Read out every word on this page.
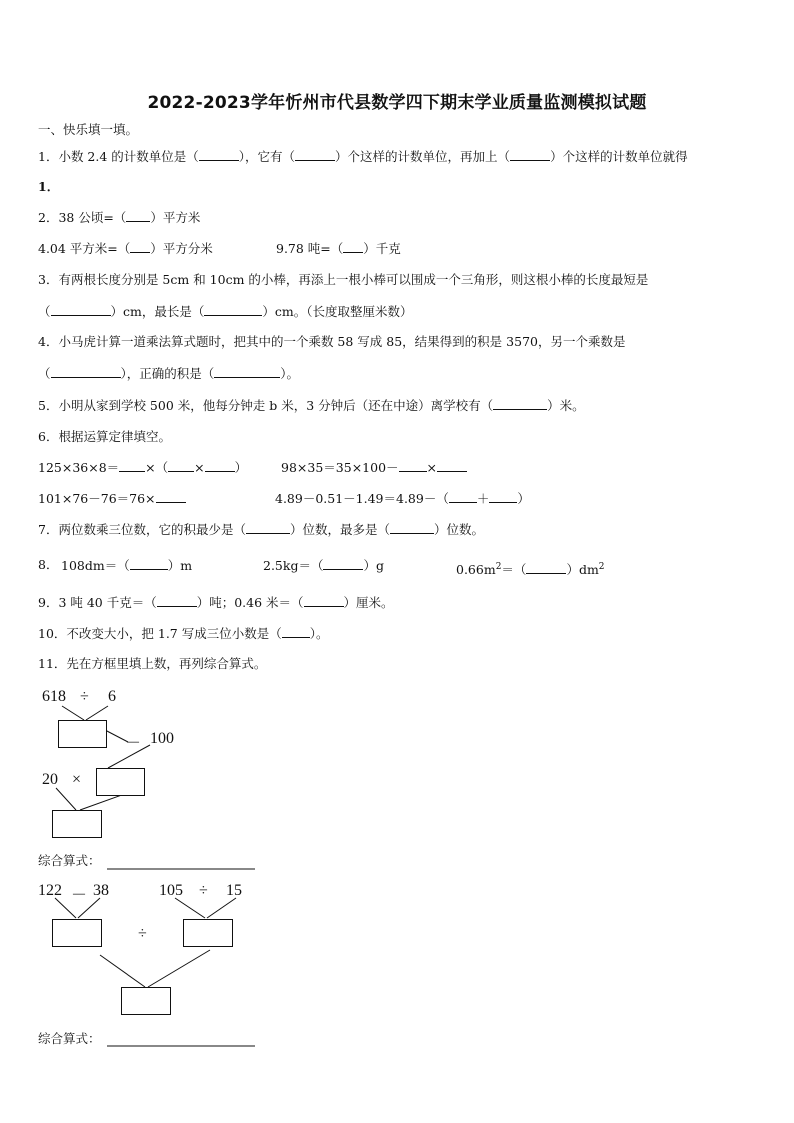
2022-2023学年忻州市代县数学四下期末学业质量监测模拟试题
一、快乐填一填。
1．小数 2.4 的计数单位是（	），它有（	）个这样的计数单位，再加上（	）个这样的计数单位就得
1．
2．38 公顷=（ ）平方米
4.04 平方米=（ ）平方分米	9.78 吨=（ ）千克
3．有两根长度分别是 5cm 和 10cm 的小棒，再添上一根小棒可以围成一个三角形，则这根小棒的长度最短是
（	）cm，最长是（	）cm。（长度取整厘米数）
4．小马虎计算一道乘法算式题时，把其中的一个乘数 58 写成 85，结果得到的积是 3570，另一个乘数是
（	），正确的积是（	）。
5．小明从家到学校 500 米，他每分钟走 b 米，3 分钟后（还在中途）离学校有（	）米。
6．根据运算定律填空。
125×36×8＝ ×（ × ）	98×35＝35×100－ ×
101×76－76＝76×	4.89－0.51－1.49＝4.89－（ ＋ ）
7．两位数乘三位数，它的积最少是（	）位数，最多是（	）位数。
8． 108dm＝（	）m	2.5kg＝（	）g	$0.66m^2=$（	）$dm^2$
9．3 吨 40 千克＝（	）吨；0.46 米＝（	）厘米。
10．不改变大小，把 1.7 写成三位小数是（ ）。
11．先在方框里填上数，再列综合算式。
618 ÷ 6
－ 100
20 ×
综合算式：
122 － 38	105 ÷ 15
÷
综合算式：
